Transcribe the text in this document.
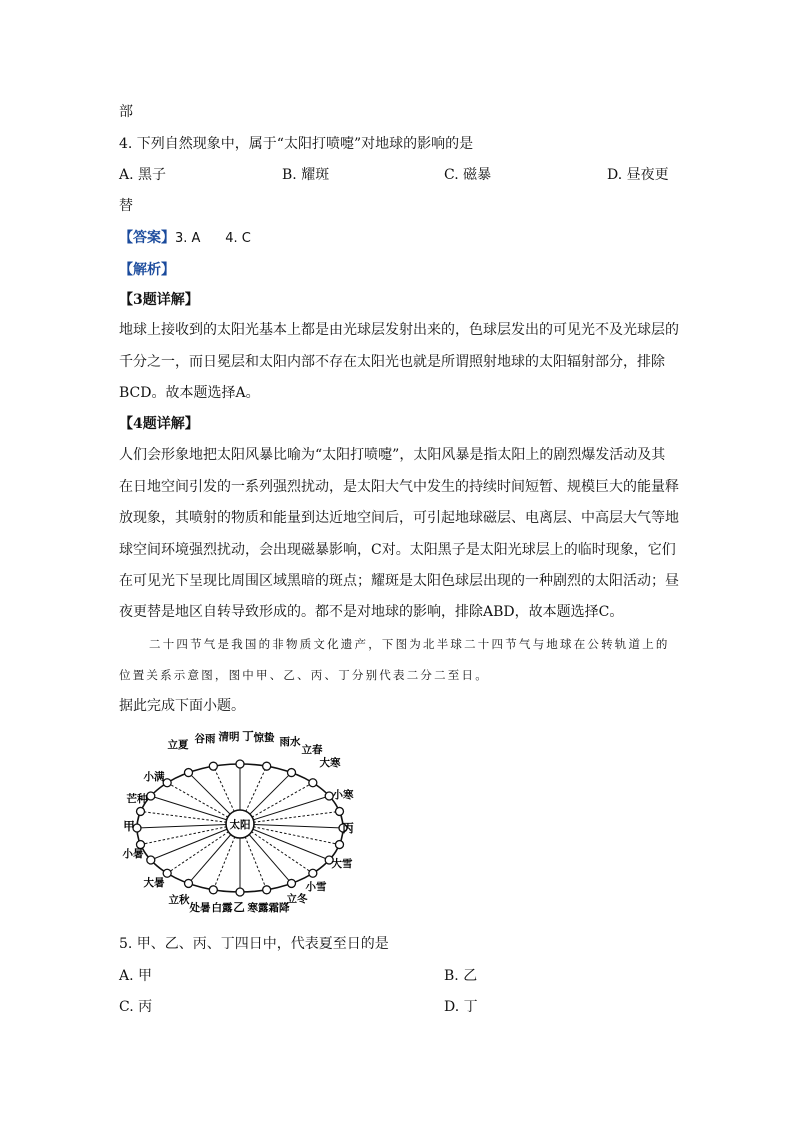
部
4. 下列自然现象中，属于“太阳打喷嚏”对地球的影响的是
A. 黑子	B. 耀斑	C. 磁暴	D. 昼夜更
替
【答案】3. A      4. C
【解析】
【3题详解】
地球上接收到的太阳光基本上都是由光球层发射出来的，色球层发出的可见光不及光球层的
千分之一，而日冕层和太阳内部不存在太阳光也就是所谓照射地球的太阳辐射部分，排除
BCD。故本题选择A。
【4题详解】
人们会形象地把太阳风暴比喻为“太阳打喷嚏”，太阳风暴是指太阳上的剧烈爆发活动及其
在日地空间引发的一系列强烈扰动，是太阳大气中发生的持续时间短暂、规模巨大的能量释
放现象，其喷射的物质和能量到达近地空间后，可引起地球磁层、电离层、中高层大气等地
球空间环境强烈扰动，会出现磁暴影响，C对。太阳黑子是太阳光球层上的临时现象，它们
在可见光下呈现比周围区域黑暗的斑点；耀斑是太阳色球层出现的一种剧烈的太阳活动；昼
夜更替是地区自转导致形成的。都不是对地球的影响，排除ABD，故本题选择C。
二十四节气是我国的非物质文化遗产，下图为北半球二十四节气与地球在公转轨道上的
位置关系示意图，图中甲、乙、丙、丁分别代表二分二至日。
据此完成下面小题。
太阳
立夏 谷雨 清明 丁 惊蛰 雨水
立春
大寒
小满
芒种
甲
小暑
大暑
小寒
丙
大雪
立秋
处暑 白露 乙 寒露 霜降
立冬
小雪
5. 甲、乙、丙、丁四日中，代表夏至日的是
A. 甲	B. 乙
C. 丙	D. 丁
